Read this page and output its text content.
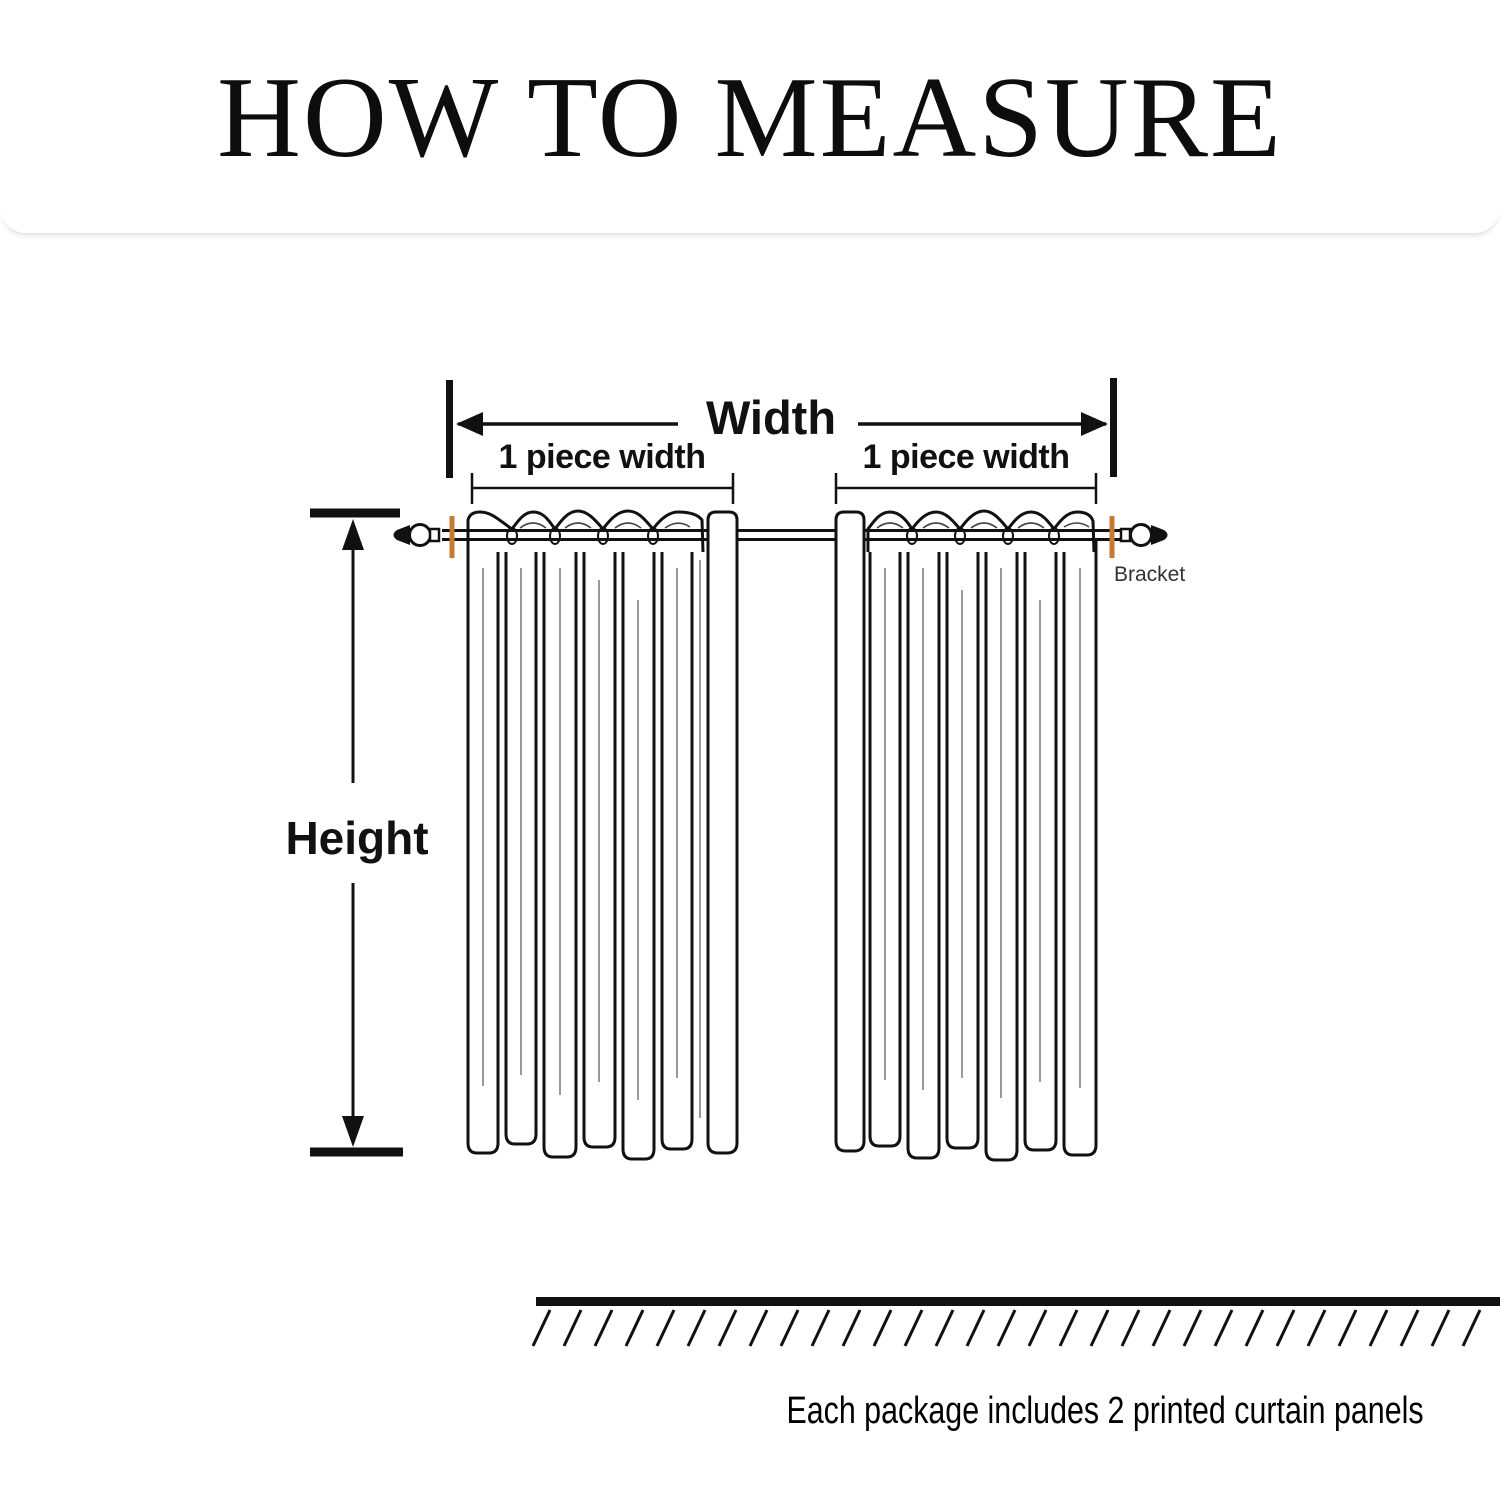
HOW TO MEASURE
Width
1 piece width	1 piece width
Height
Bracket
Each package includes 2 printed curtain panels
